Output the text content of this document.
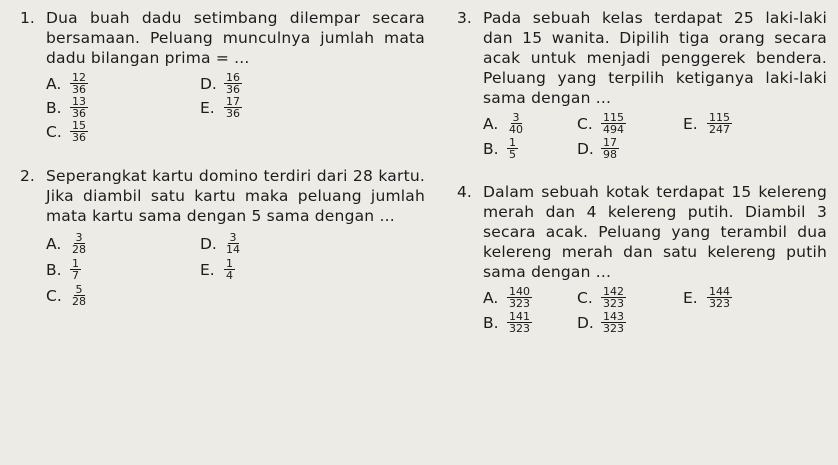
1. Dua buah dadu setimbang dilempar secara bersamaan. Peluang munculnya jumlah mata dadu bilangan prima = ...
A. $\frac{12}{36}$
B. $\frac{13}{36}$
C. $\frac{15}{36}$
D. $\frac{16}{36}$
E. $\frac{17}{36}$
2. Seperangkat kartu domino terdiri dari 28 kartu. Jika diambil satu kartu maka peluang jumlah mata kartu sama dengan 5 sama dengan ...
A. $\frac{3}{28}$
B. $\frac{1}{7}$
C. $\frac{5}{28}$
D. $\frac{3}{14}$
E. $\frac{1}{4}$
3. Pada sebuah kelas terdapat 25 laki-laki dan 15 wanita. Dipilih tiga orang secara acak untuk menjadi penggerek bendera. Peluang yang terpilih ketiganya laki-laki sama dengan ...
A. $\frac{3}{40}$
B. $\frac{1}{5}$
C. $\frac{115}{494}$
D. $\frac{17}{98}$
E. $\frac{115}{247}$
4. Dalam sebuah kotak terdapat 15 kelereng merah dan 4 kelereng putih. Diambil 3 secara acak. Peluang yang terambil dua kelereng merah dan satu kelereng putih sama dengan ...
A. $\frac{140}{323}$
B. $\frac{141}{323}$
C. $\frac{142}{323}$
D. $\frac{143}{323}$
E. $\frac{144}{323}$
